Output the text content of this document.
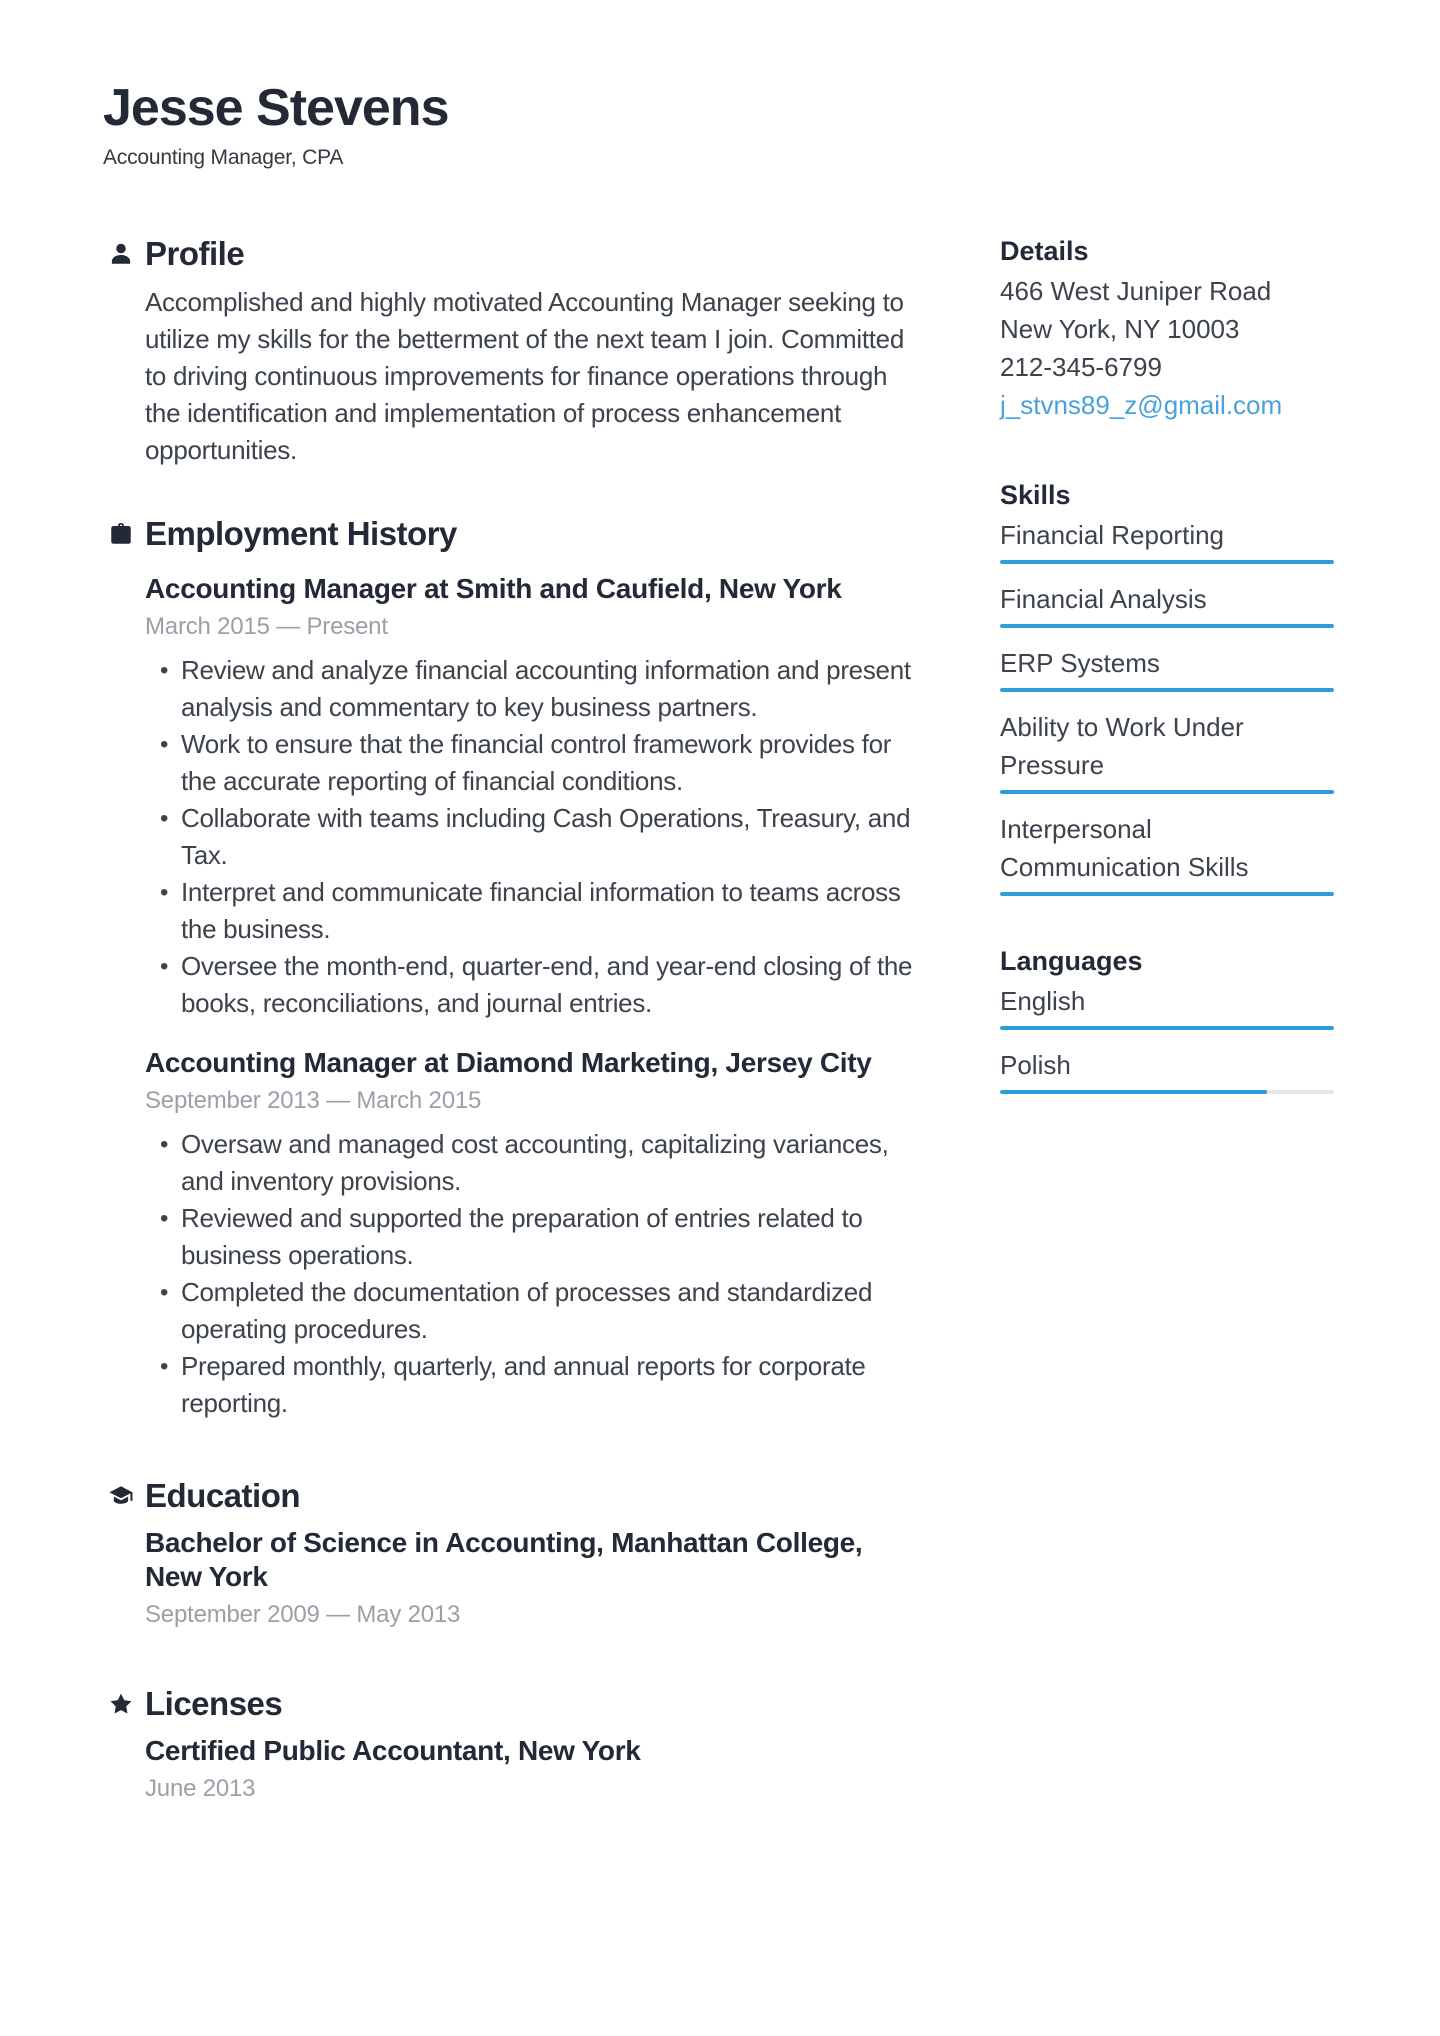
Jesse Stevens
Accounting Manager, CPA
Profile

Accomplished and highly motivated Accounting Manager seeking to utilize my skills for the betterment of the next team I join. Committed to driving continuous improvements for finance operations through the identification and implementation of process enhancement opportunities.

Employment History
Accounting Manager at Smith and Caufield, New York
March 2015 — Present
• Review and analyze financial accounting information and present analysis and commentary to key business partners.
• Work to ensure that the financial control framework provides for the accurate reporting of financial conditions.
• Collaborate with teams including Cash Operations, Treasury, and Tax.
• Interpret and communicate financial information to teams across the business.
• Oversee the month-end, quarter-end, and year-end closing of the books, reconciliations, and journal entries.
Accounting Manager at Diamond Marketing, Jersey City
September 2013 — March 2015
• Oversaw and managed cost accounting, capitalizing variances, and inventory provisions.
• Reviewed and supported the preparation of entries related to business operations.
• Completed the documentation of processes and standardized operating procedures.
• Prepared monthly, quarterly, and annual reports for corporate reporting.
Education
Bachelor of Science in Accounting, Manhattan College, New York
September 2009 — May 2013
Licenses
Certified Public Accountant, New York
June 2013
Details
466 West Juniper Road
New York, NY 10003
212-345-6799
j_stvns89_z@gmail.com
Skills
Financial Reporting
Financial Analysis
ERP Systems
Ability to Work Under Pressure
Interpersonal Communication Skills
Languages
English
Polish
